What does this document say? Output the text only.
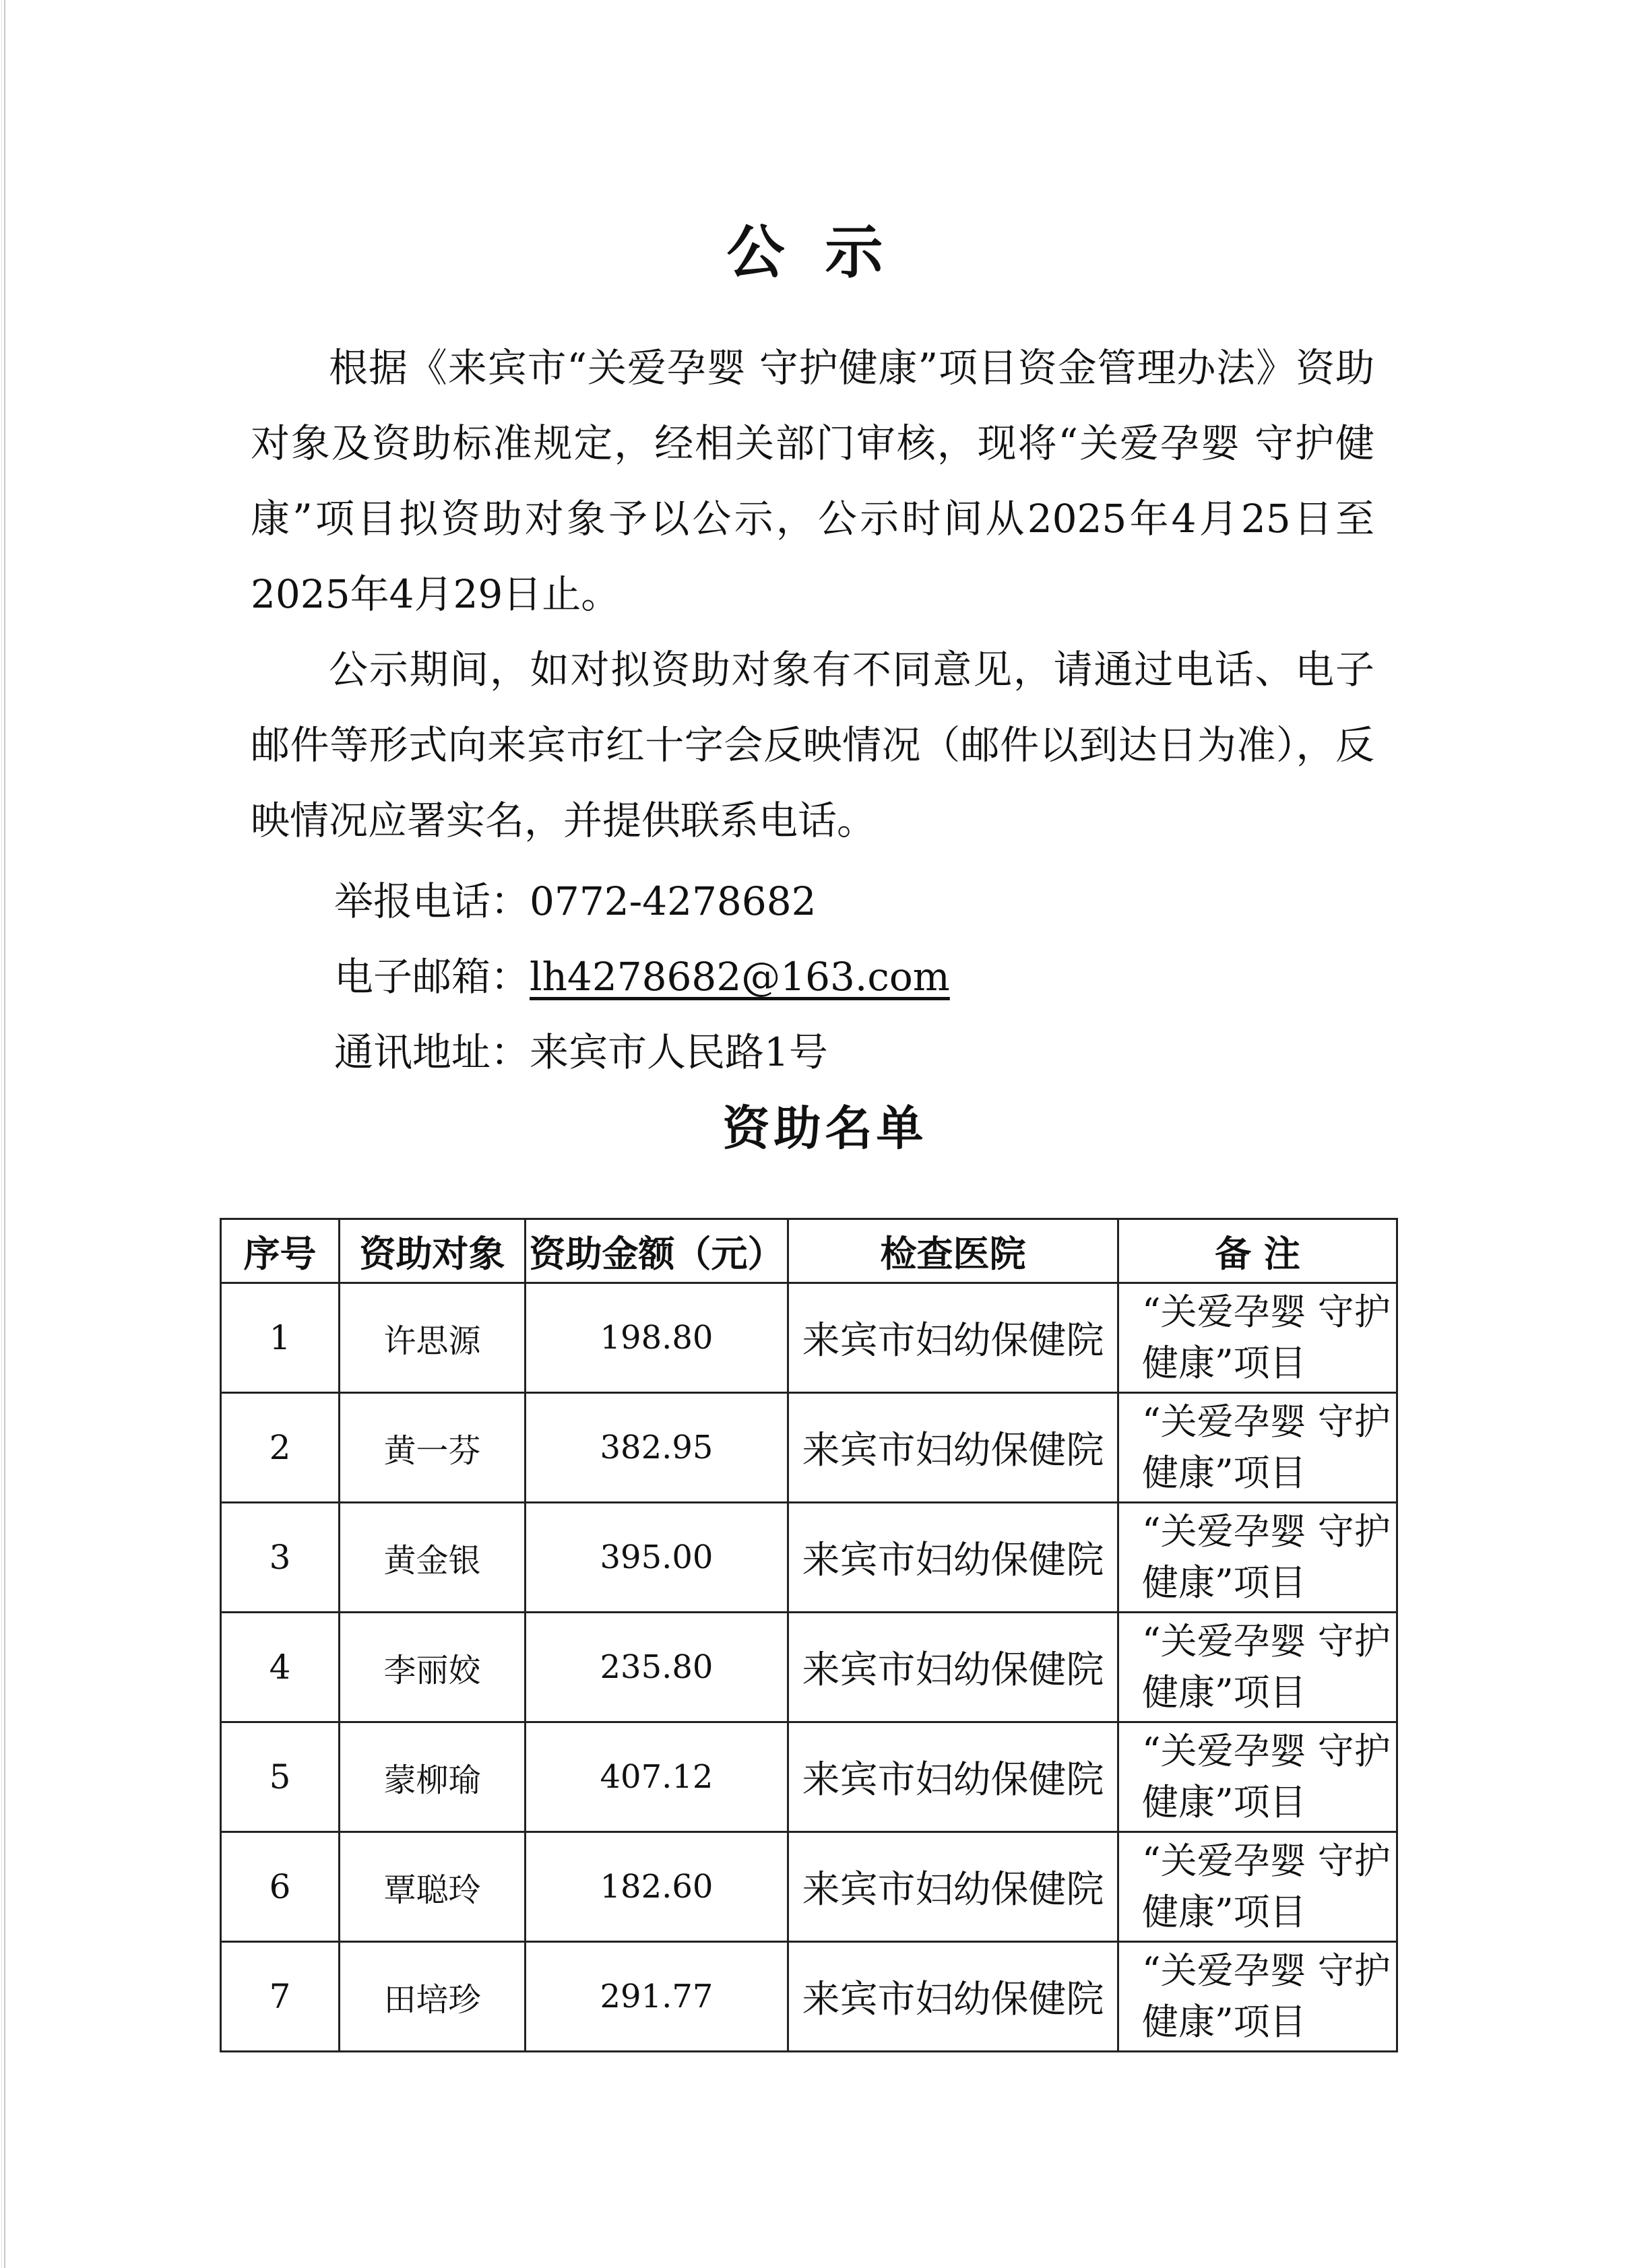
公示

根据《来宾市“关爱孕婴 守护健康”项目资金管理办法》资助对象及资助标准规定，经相关部门审核，现将“关爱孕婴 守护健康”项目拟资助对象予以公示，公示时间从2025年4月25日至2025年4月29日止。

公示期间，如对拟资助对象有不同意见，请通过电话、电子邮件等形式向来宾市红十字会反映情况（邮件以到达日为准），反映情况应署实名，并提供联系电话。

举报电话：0772-4278682
电子邮箱：lh4278682@163.com
通讯地址：来宾市人民路1号
资助名单
序号	资助对象	资助金额（元）	检查医院	备 注
1	许思源	198.80	来宾市妇幼保健院	“关爱孕婴 守护健康”项目
2	黄一芬	382.95	来宾市妇幼保健院	“关爱孕婴 守护健康”项目
3	黄金银	395.00	来宾市妇幼保健院	“关爱孕婴 守护健康”项目
4	李丽姣	235.80	来宾市妇幼保健院	“关爱孕婴 守护健康”项目
5	蒙柳瑜	407.12	来宾市妇幼保健院	“关爱孕婴 守护健康”项目
6	覃聪玲	182.60	来宾市妇幼保健院	“关爱孕婴 守护健康”项目
7	田培珍	291.77	来宾市妇幼保健院	“关爱孕婴 守护健康”项目
